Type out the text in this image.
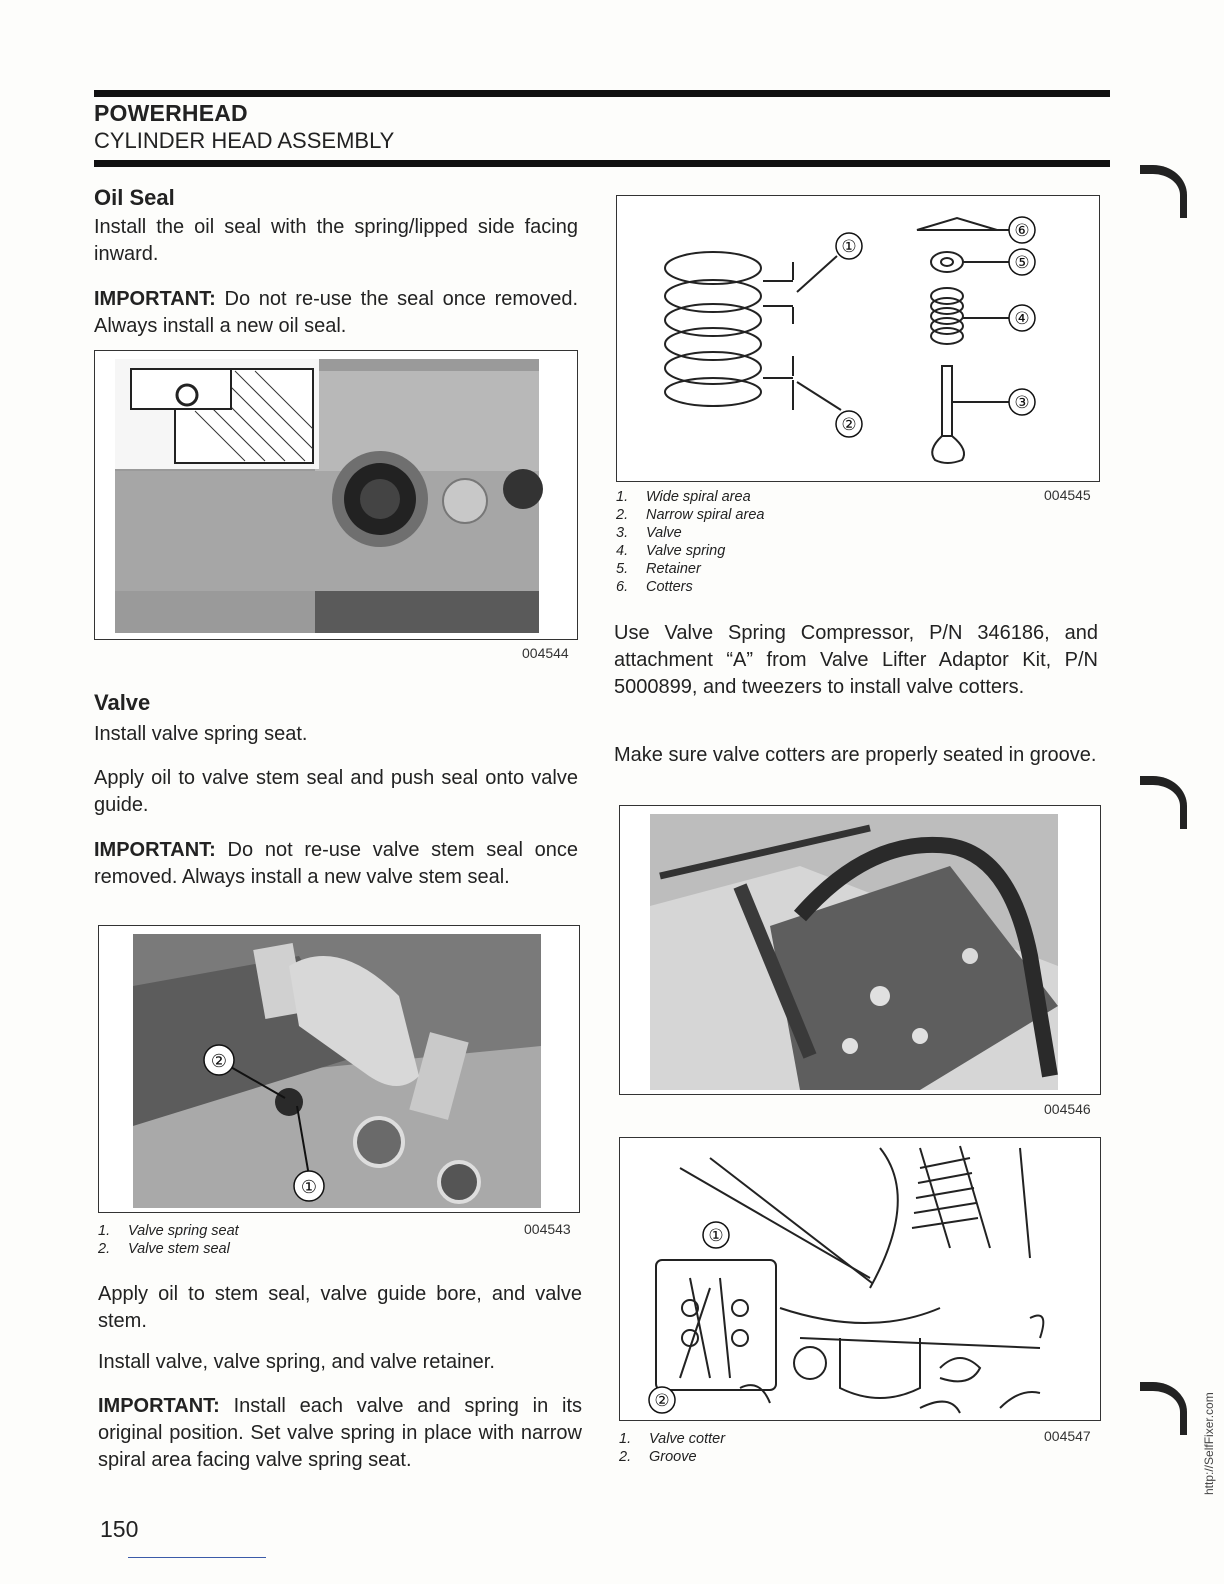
POWERHEAD
CYLINDER HEAD ASSEMBLY
Oil Seal
Install the oil seal with the spring/lipped side facing inward.
IMPORTANT: Do not re-use the seal once removed. Always install a new oil seal.
004544
Valve
Install valve spring seat.
Apply oil to valve stem seal and push seal onto valve guide.
IMPORTANT: Do not re-use valve stem seal once removed. Always install a new valve stem seal.
②
①
1. Valve spring seat
2. Valve stem seal
004543
Apply oil to stem seal, valve guide bore, and valve stem.
Install valve, valve spring, and valve retainer.
IMPORTANT: Install each valve and spring in its original position. Set valve spring in place with narrow spiral area facing valve spring seat.
①
②
③
④
⑤
⑥
1. Wide spiral area
2. Narrow spiral area
3. Valve
4. Valve spring
5. Retainer
6. Cotters
004545
Use Valve Spring Compressor, P/N 346186, and attachment “A” from Valve Lifter Adaptor Kit, P/N 5000899, and tweezers to install valve cotters.
Make sure valve cotters are properly seated in groove.
004546
①
②
1. Valve cotter
2. Groove
004547
150
http://SelfFixer.com
